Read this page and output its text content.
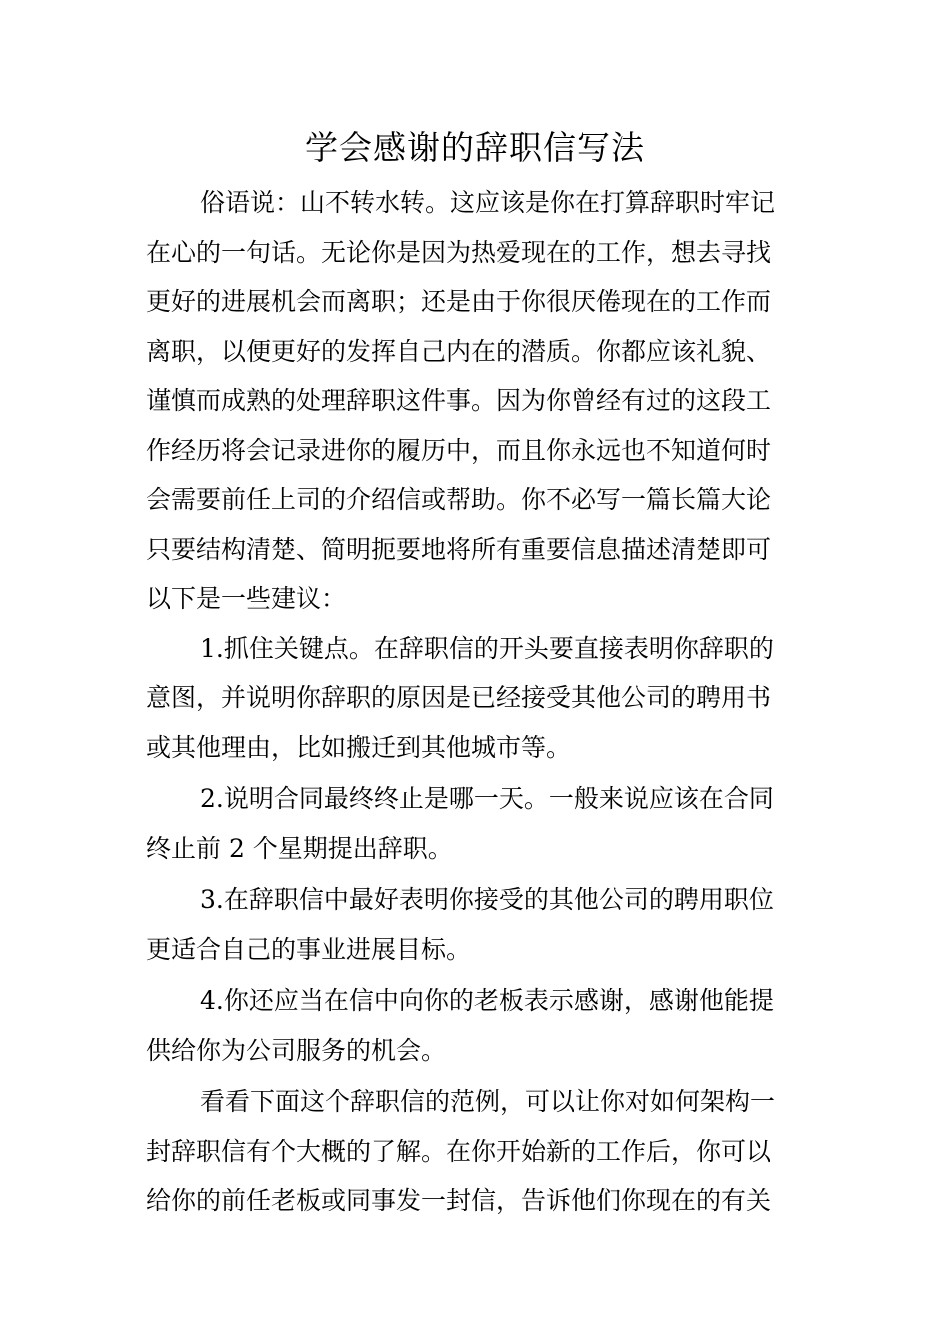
学会感谢的辞职信写法
俗语说：山不转水转。这应该是你在打算辞职时牢记
在心的一句话。无论你是因为热爱现在的工作，想去寻找
更好的进展机会而离职；还是由于你很厌倦现在的工作而
离职，以便更好的发挥自己内在的潜质。你都应该礼貌、
谨慎而成熟的处理辞职这件事。因为你曾经有过的这段工
作经历将会记录进你的履历中，而且你永远也不知道何时
会需要前任上司的介绍信或帮助。你不必写一篇长篇大论
只要结构清楚、简明扼要地将所有重要信息描述清楚即可
以下是一些建议：
1.抓住关键点。在辞职信的开头要直接表明你辞职的
意图，并说明你辞职的原因是已经接受其他公司的聘用书
或其他理由，比如搬迁到其他城市等。
2.说明合同最终终止是哪一天。一般来说应该在合同
终止前 2 个星期提出辞职。
3.在辞职信中最好表明你接受的其他公司的聘用职位
更适合自己的事业进展目标。
4.你还应当在信中向你的老板表示感谢，感谢他能提
供给你为公司服务的机会。
看看下面这个辞职信的范例，可以让你对如何架构一
封辞职信有个大概的了解。在你开始新的工作后，你可以
给你的前任老板或同事发一封信，告诉他们你现在的有关
